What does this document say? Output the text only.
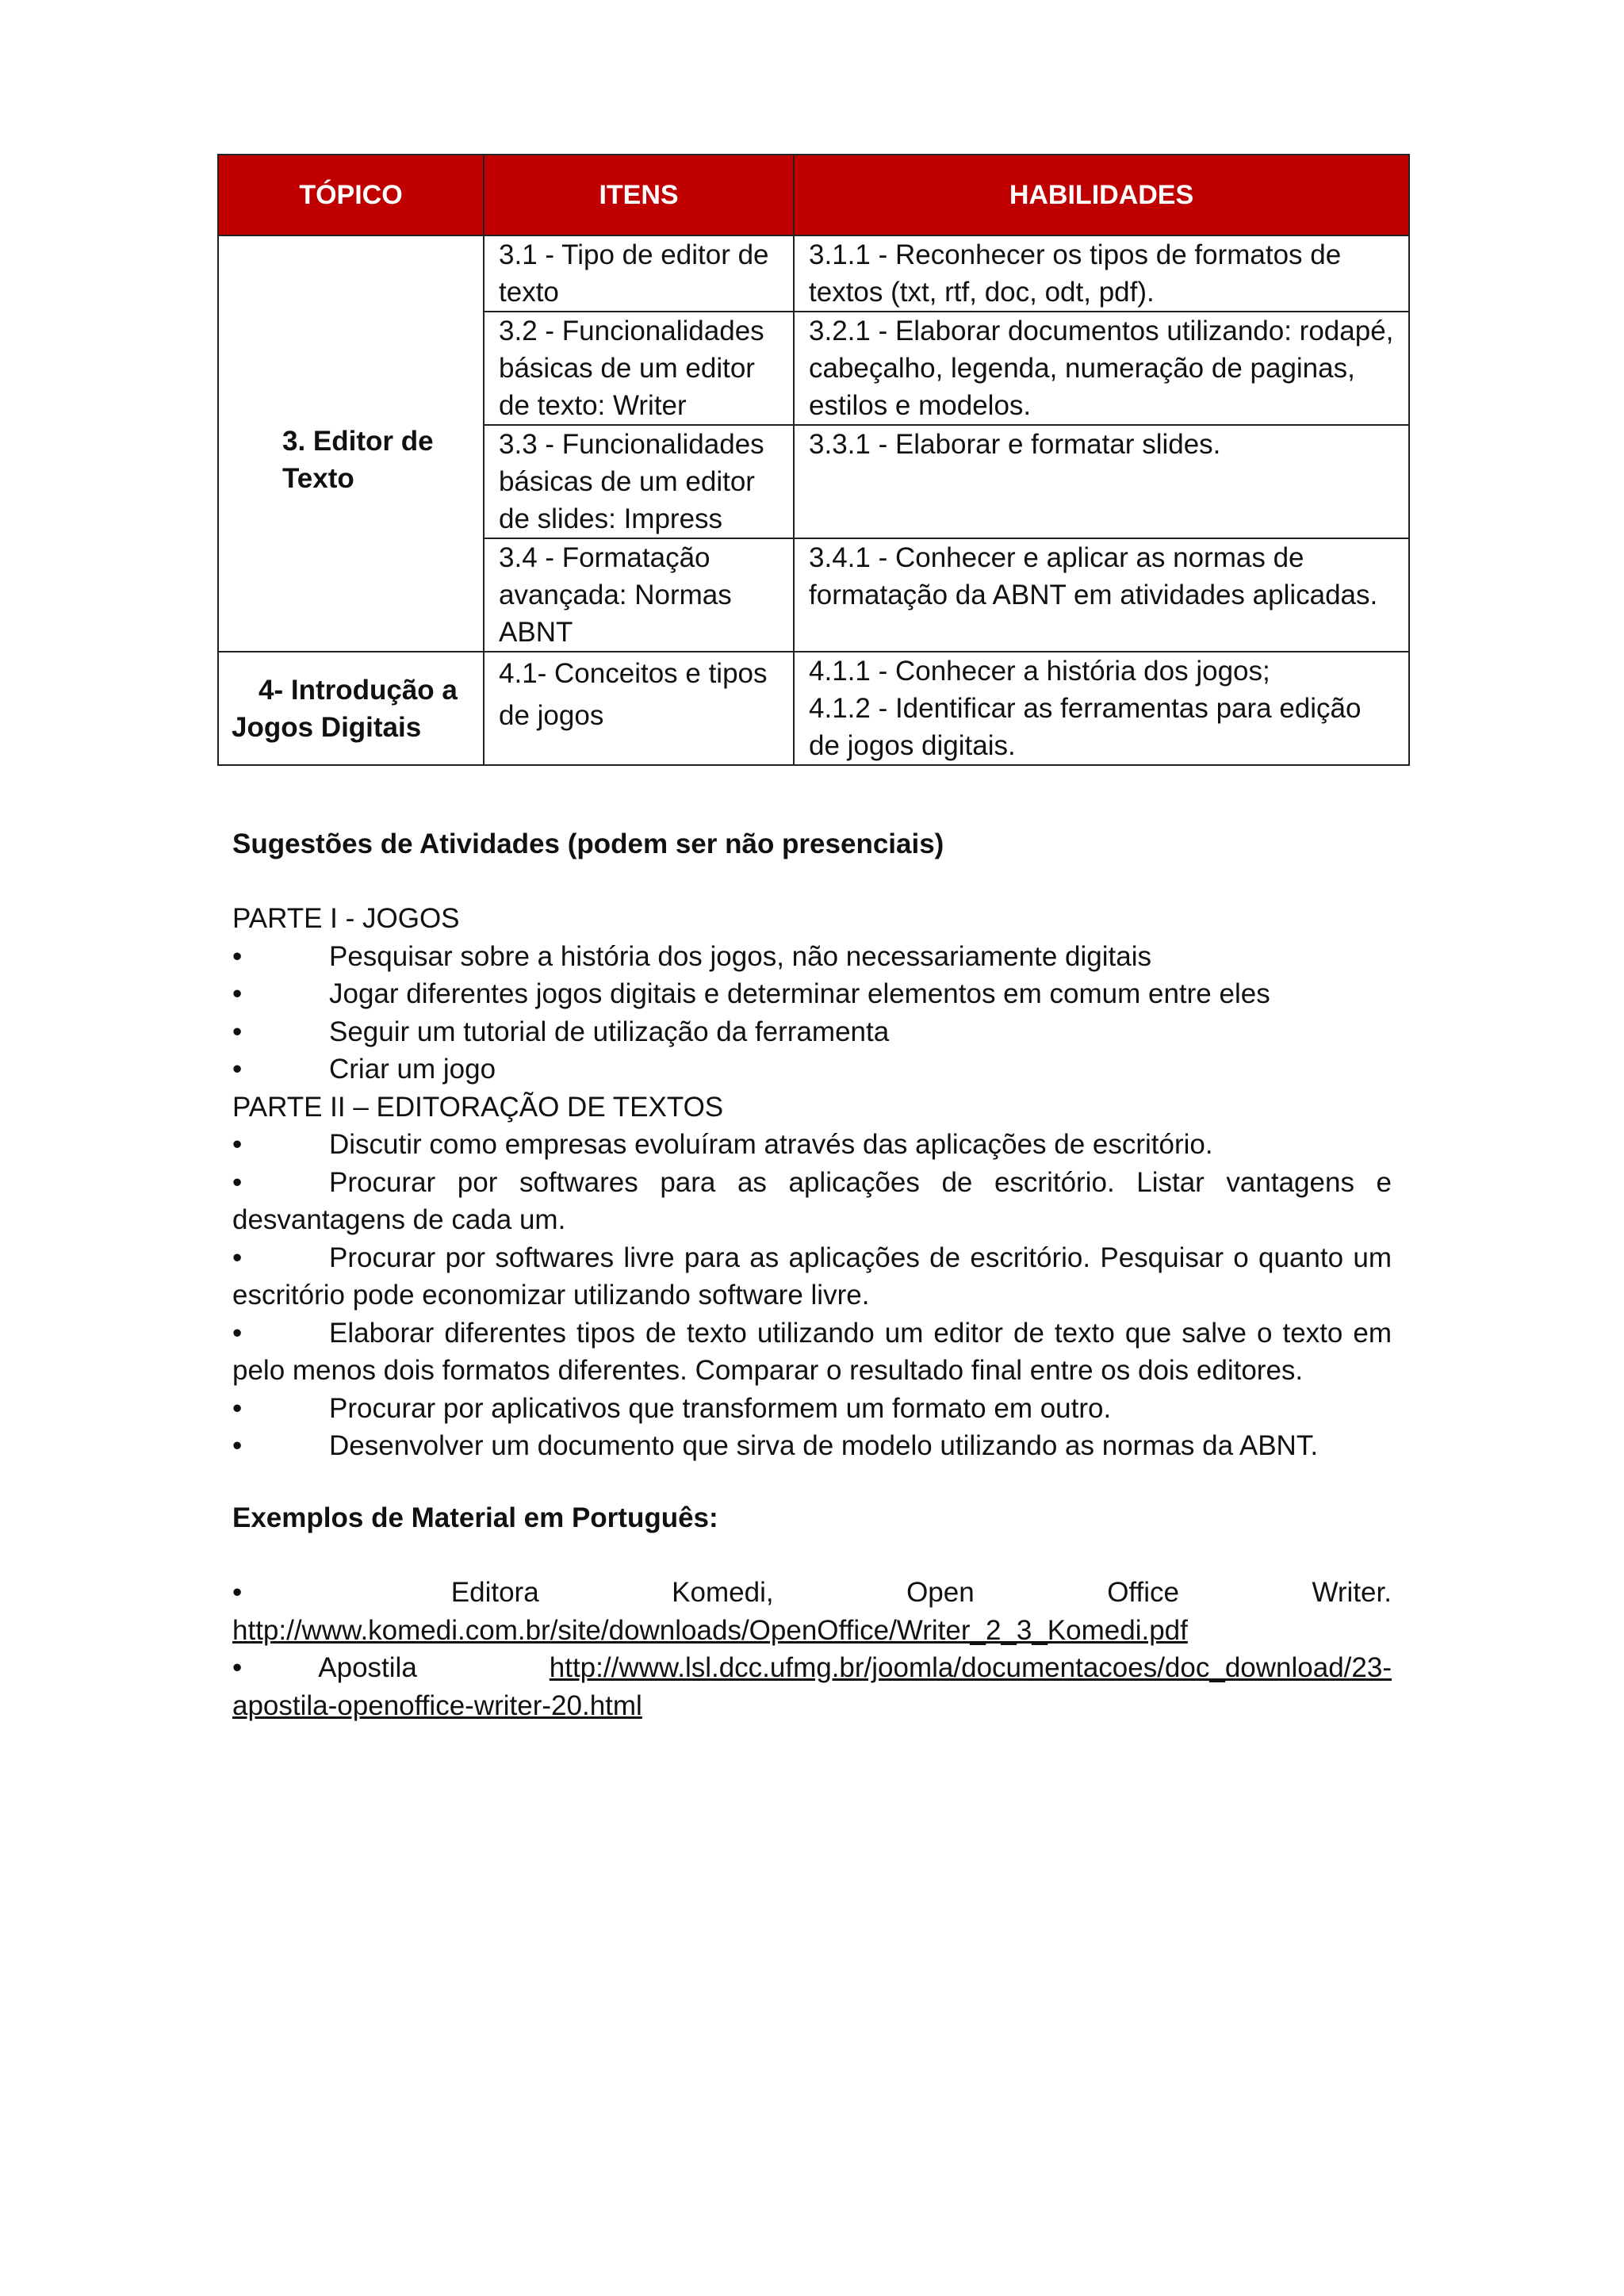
TÓPICO	ITENS	HABILIDADES
3. Editor de Texto	3.1 - Tipo de editor de texto	3.1.1 - Reconhecer os tipos de formatos de textos (txt, rtf, doc, odt, pdf).
	3.2 - Funcionalidades básicas de um editor de texto: Writer	3.2.1 - Elaborar documentos utilizando: rodapé, cabeçalho, legenda, numeração de paginas, estilos e modelos.
	3.3 - Funcionalidades básicas de um editor de slides: Impress	3.3.1 - Elaborar e formatar slides.
	3.4 - Formatação avançada: Normas ABNT	3.4.1 - Conhecer e aplicar as normas de formatação da ABNT em atividades aplicadas.
4- Introdução a Jogos Digitais	4.1- Conceitos e tipos de jogos	4.1.1 - Conhecer a história dos jogos;
4.1.2 - Identificar as ferramentas para edição de jogos digitais.
Sugestões de Atividades (podem ser não presenciais)
PARTE I - JOGOS
•	Pesquisar sobre a história dos jogos, não necessariamente digitais
•	Jogar diferentes jogos digitais e determinar elementos em comum entre eles
•	Seguir um tutorial de utilização da ferramenta
•	Criar um jogo
PARTE II – EDITORAÇÃO DE TEXTOS
•	Discutir como empresas evoluíram através das aplicações de escritório.
•	Procurar por softwares para as aplicações de escritório. Listar vantagens e desvantagens de cada um.
•	Procurar por softwares livre para as aplicações de escritório. Pesquisar o quanto um escritório pode economizar utilizando software livre.
•	Elaborar diferentes tipos de texto utilizando um editor de texto que salve o texto em pelo menos dois formatos diferentes. Comparar o resultado final entre os dois editores.
•	Procurar por aplicativos que transformem um formato em outro.
•	Desenvolver um documento que sirva de modelo utilizando as normas da ABNT.
Exemplos de Material em Português:
•	Editora	Komedi,	Open	Office	Writer.
http://www.komedi.com.br/site/downloads/OpenOffice/Writer_2_3_Komedi.pdf
•	Apostila	http://www.lsl.dcc.ufmg.br/joomla/documentacoes/doc_download/23-
apostila-openoffice-writer-20.html
